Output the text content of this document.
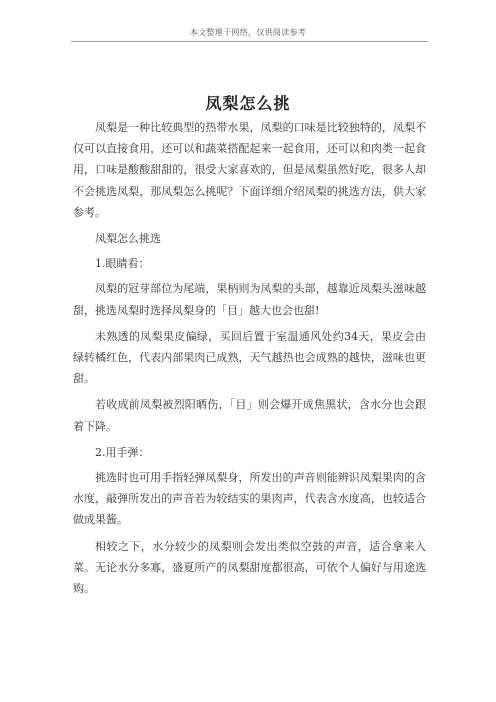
本文整理于网络，仅供阅读参考
凤梨怎么挑

凤梨是一种比较典型的热带水果，凤梨的口味是比较独特的，凤梨不仅可以直接食用，还可以和蔬菜搭配起来一起食用，还可以和肉类一起食用，口味是酸酸甜甜的，很受大家喜欢的，但是凤梨虽然好吃，很多人却不会挑选凤梨，那凤梨怎么挑呢？下面详细介绍凤梨的挑选方法，供大家参考。

凤梨怎么挑选

1.眼睛看：

凤梨的冠芽部位为尾端，果柄则为凤梨的头部，越靠近凤梨头滋味越甜，挑选凤梨时选择凤梨身的「目」越大也会也甜!

未熟透的凤梨果皮偏绿，买回后置于室温通风处约34天，果皮会由绿转橘红色，代表内部果肉已成熟，天气越热也会成熟的越快，滋味也更甜。

若收成前凤梨被烈阳晒伤，「目」则会爆开成焦黑状，含水分也会跟着下降。

2.用手弹：

挑选时也可用手指轻弹凤梨身，所发出的声音则能辨识凤梨果肉的含水度，敲弹所发出的声音若为较结实的果肉声，代表含水度高，也较适合做成果酱。

相较之下，水分较少的凤梨则会发出类似空鼓的声音，适合拿来入菜。无论水分多寡，盛夏所产的凤梨甜度都很高，可依个人偏好与用途选购。
